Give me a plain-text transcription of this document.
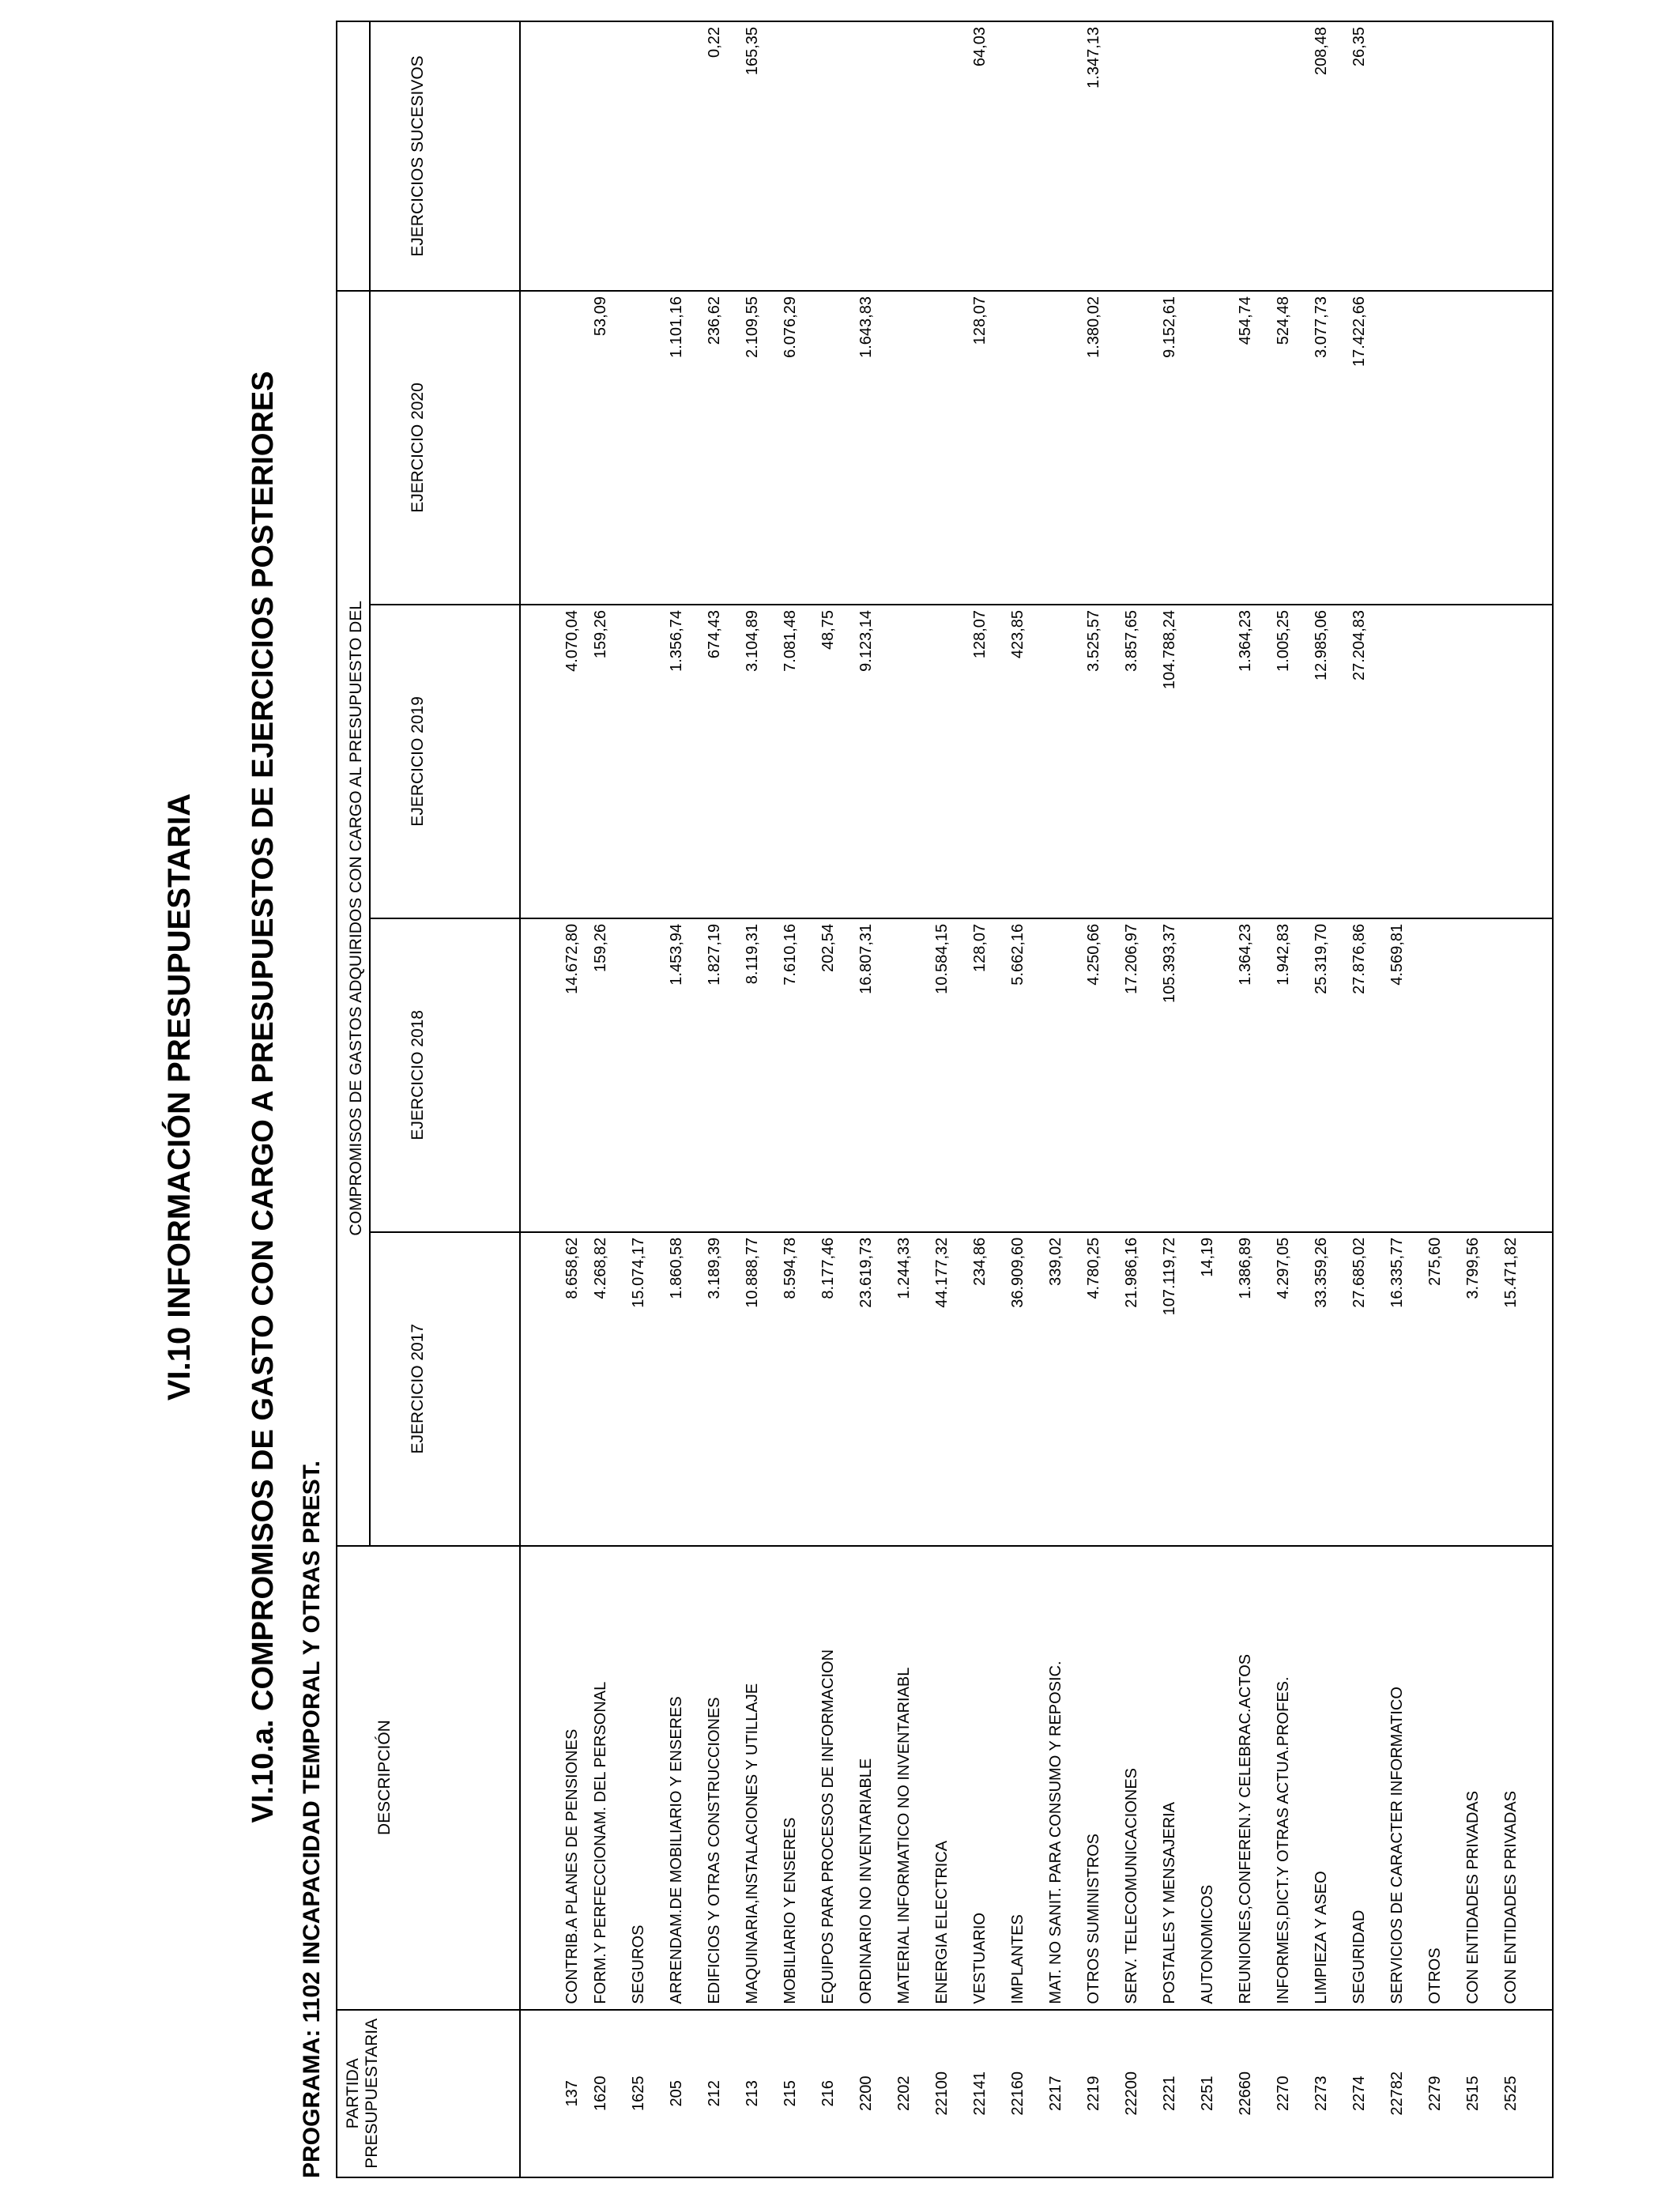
VI.10 INFORMACIÓN PRESUPUESTARIA VI.10.a. COMPROMISOS DE GASTO CON CARGO A PRESUPUESTOS DE EJERCICIOS POSTERIORES PROGRAMA: 1102 INCAPACIDAD TEMPORAL Y OTRAS PREST. PARTIDA PRESUPUESTARIA	DESCRIPCIÓN	COMPROMISOS DE GASTOS ADQUIRIDOS CON CARGO AL PRESUPUESTO DEL				
		EJERCICIO 2017	EJERCICIO 2018	EJERCICIO 2019	EJERCICIO 2020	EJERCICIOS SUCESIVOS
137	CONTRIB.A PLANES DE PENSIONES	8.658,62	14.672,80	4.070,04		
1620	FORM.Y PERFECCIONAM. DEL PERSONAL	4.268,82	159,26	159,26	53,09	
1625	SEGUROS	15.074,17				
205	ARRENDAM.DE MOBILIARIO Y ENSERES	1.860,58	1.453,94	1.356,74	1.101,16	
212	EDIFICIOS Y OTRAS CONSTRUCCIONES	3.189,39	1.827,19	674,43	236,62	0,22
213	MAQUINARIA,INSTALACIONES Y UTILLAJE	10.888,77	8.119,31	3.104,89	2.109,55	165,35
215	MOBILIARIO Y ENSERES	8.594,78	7.610,16	7.081,48	6.076,29	
216	EQUIPOS PARA PROCESOS DE INFORMACION	8.177,46	202,54	48,75		
2200	ORDINARIO NO INVENTARIABLE	23.619,73	16.807,31	9.123,14	1.643,83	
2202	MATERIAL INFORMATICO NO INVENTARIABL	1.244,33				
22100	ENERGIA ELECTRICA	44.177,32	10.584,15			
22141	VESTUARIO	234,86	128,07	128,07	128,07	64,03
22160	IMPLANTES	36.909,60	5.662,16	423,85		
2217	MAT. NO SANIT. PARA CONSUMO Y REPOSIC.	339,02				
2219	OTROS SUMINISTROS	4.780,25	4.250,66	3.525,57	1.380,02	1.347,13
22200	SERV. TELECOMUNICACIONES	21.986,16	17.206,97	3.857,65		
2221	POSTALES Y MENSAJERIA	107.119,72	105.393,37	104.788,24	9.152,61	
2251	AUTONOMICOS	14,19				
22660	REUNIONES,CONFEREN.Y CELEBRAC.ACTOS	1.386,89	1.364,23	1.364,23	454,74	
2270	INFORMES,DICT.Y OTRAS ACTUA.PROFES.	4.297,05	1.942,83	1.005,25	524,48	
2273	LIMPIEZA Y ASEO	33.359,26	25.319,70	12.985,06	3.077,73	208,48
2274	SEGURIDAD	27.685,02	27.876,86	27.204,83	17.422,66	26,35
22782	SERVICIOS DE CARACTER INFORMATICO	16.335,77	4.569,81			
2279	OTROS	275,60				
2515	CON ENTIDADES PRIVADAS	3.799,56				
2525	CON ENTIDADES PRIVADAS	15.471,82				
